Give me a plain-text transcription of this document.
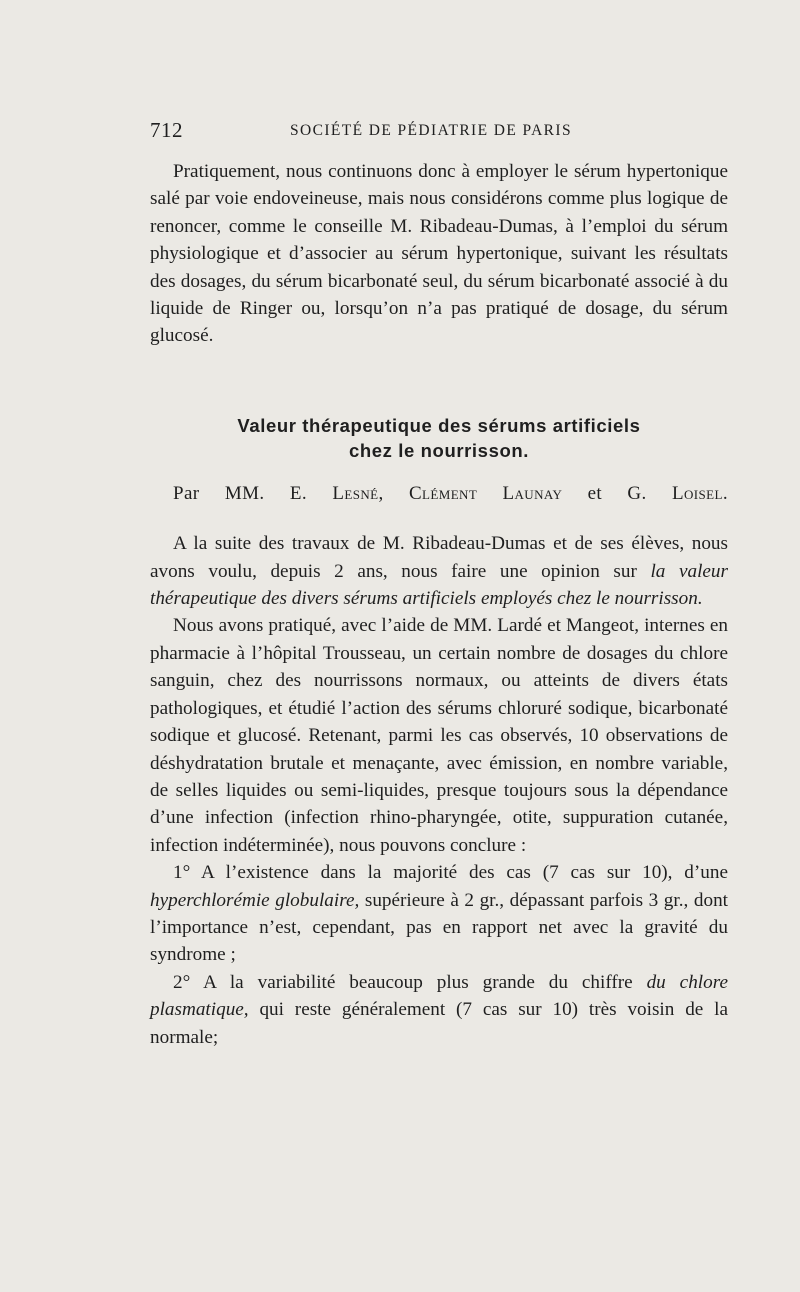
712	SOCIÉTÉ DE PÉDIATRIE DE PARIS

Pratiquement, nous continuons donc à employer le sérum hypertonique salé par voie endoveineuse, mais nous considérons comme plus logique de renoncer, comme le conseille M. Ribadeau-Dumas, à l’emploi du sérum physiologique et d’associer au sérum hypertonique, suivant les résultats des dosages, du sérum bicarbonaté seul, du sérum bicarbonaté associé à du liquide de Ringer ou, lorsqu’on n’a pas pratiqué de dosage, du sérum glucosé.

Valeur thérapeutique des sérums artificiels
chez le nourrisson.

Par MM. E. Lesné, Clément Launay et G. Loisel.

A la suite des travaux de M. Ribadeau-Dumas et de ses élèves, nous avons voulu, depuis 2 ans, nous faire une opinion sur la valeur thérapeutique des divers sérums artificiels employés chez le nourrisson.

Nous avons pratiqué, avec l’aide de MM. Lardé et Mangeot, internes en pharmacie à l’hôpital Trousseau, un certain nombre de dosages du chlore sanguin, chez des nourrissons normaux, ou atteints de divers états pathologiques, et étudié l’action des sérums chloruré sodique, bicarbonaté sodique et glucosé. Retenant, parmi les cas observés, 10 observations de déshydratation brutale et menaçante, avec émission, en nombre variable, de selles liquides ou semi-liquides, presque toujours sous la dépendance d’une infection (infection rhino-pharyngée, otite, suppuration cutanée, infection indéterminée), nous pouvons conclure :

1° A l’existence dans la majorité des cas (7 cas sur 10), d’une hyperchlorémie globulaire, supérieure à 2 gr., dépassant parfois 3 gr., dont l’importance n’est, cependant, pas en rapport net avec la gravité du syndrome ;

2° A la variabilité beaucoup plus grande du chiffre du chlore plasmatique, qui reste généralement (7 cas sur 10) très voisin de la normale;
